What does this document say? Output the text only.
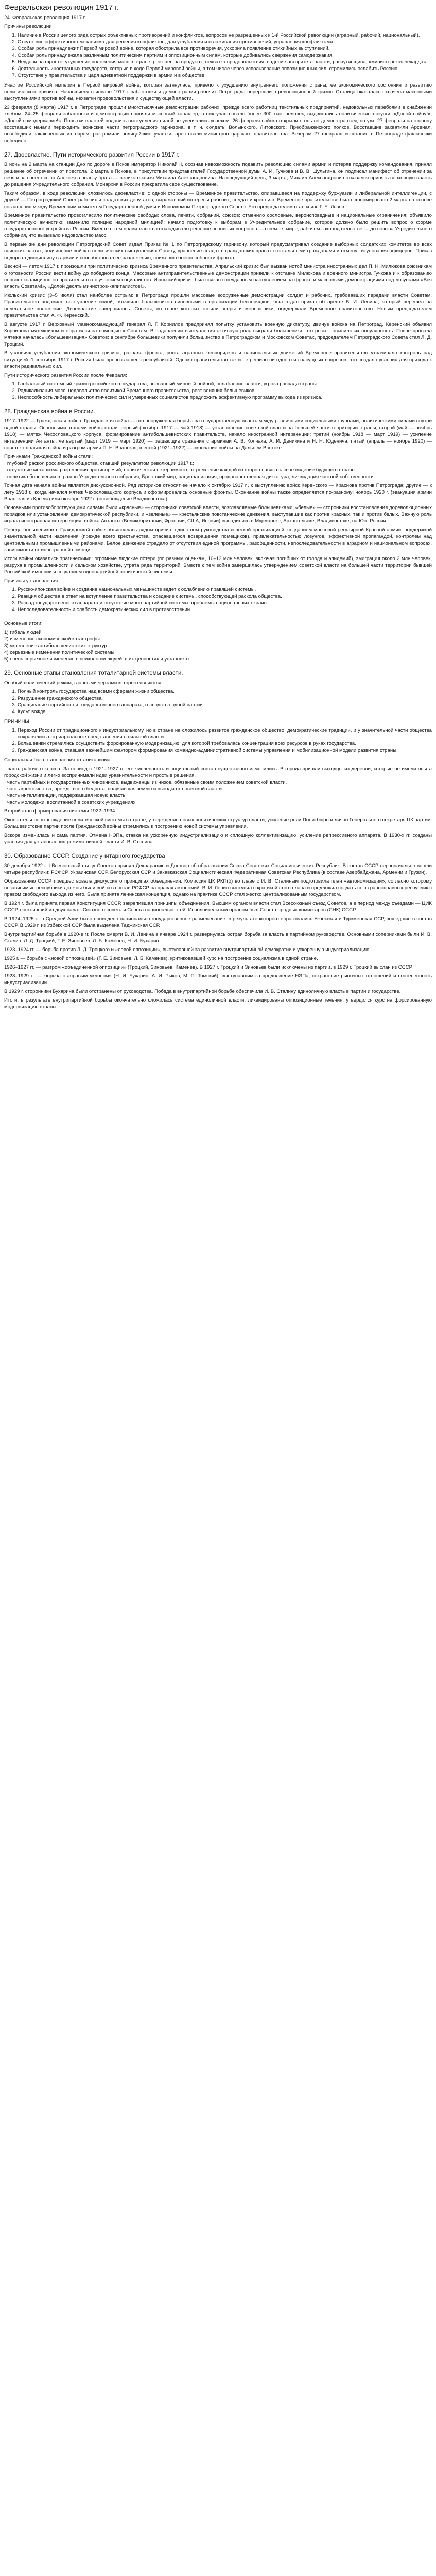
Февральская революция 1917 г.
24. Февральская революция 1917 г.
Причины революции
1. Наличие в России целого ряда острых объективных противоречий и конфликтов, вопросов не разрешенных к 1-й Российской революции (аграрный, рабочий, национальный).
2. Отсутствие эффективного механизма для решения конфликтов, для углубления и сглаживания противоречий, управления конфликтами.
3. Особая роль принадлежит Первой мировой войне, которая обострила все противоречия, ускорила появление стихийных выступлений.
4. Особая роль принадлежала различным политическим партиям и оппозиционным силам, которые добивались свержения самодержавия.
5. Неудачи на фронте, ухудшение положения масс в стране, рост цен на продукты, нехватка продовольствия, падение авторитета власти, распутинщина, «министерская чехарда».
6. Деятельность иностранных государств, которые в ходе Первой мировой войны, в том числе через использование оппозиционных сил, стремились ослабить Россию.
7. Отсутствие у правительства и царя адекватной поддержки в армии и в обществе.

Участие Российской империи в Первой мировой войне, которая затянулась, привело к ухудшению внутреннего положения страны, ее экономического состояния и развитию политического кризиса. Начавшиеся в январе 1917 г. забастовки и демонстрации рабочих Петрограда переросли в революционный кризис. Столица оказалась охвачена массовыми выступлениями против войны, нехватки продовольствия и существующей власти.

23 февраля (8 марта) 1917 г. в Петрограде прошли многотысячные демонстрации рабочих, прежде всего работниц текстильных предприятий, недовольных перебоями в снабжении хлебом. 24–25 февраля забастовки и демонстрации приняли массовый характер, в них участвовало более 300 тыс. человек, выдвигались политические лозунги: «Долой войну!», «Долой самодержавие!». Попытки властей подавить выступления силой не увенчались успехом: 26 февраля войска открыли огонь по демонстрантам, но уже 27 февраля на сторону восставших начали переходить воинские части петроградского гарнизона, в т. ч. солдаты Волынского, Литовского, Преображенского полков. Восставшие захватили Арсенал, освободили заключенных из тюрем, разгромили полицейские участки, арестовали министров царского правительства. Вечером 27 февраля восстание в Петрограде фактически победило.

27. Двоевластие. Пути исторического развития России в 1917 г.

В ночь на 2 марта на станции Дно по дороге в Псков император Николай II, осознав невозможность подавить революцию силами армии и потеряв поддержку командования, принял решение об отречении от престола. 2 марта в Пскове, в присутствии представителей Государственной думы А. И. Гучкова и В. В. Шульгина, он подписал манифест об отречении за себя и за своего сына Алексея в пользу брата — великого князя Михаила Александровича. На следующий день, 3 марта, Михаил Александрович отказался принять верховную власть до решения Учредительного собрания. Монархия в России прекратила свое существование.

Таким образом, в ходе революции сложилось двоевластие: с одной стороны — Временное правительство, опиравшееся на поддержку буржуазии и либеральной интеллигенции, с другой — Петроградский Совет рабочих и солдатских депутатов, выражавший интересы рабочих, солдат и крестьян. Временное правительство было сформировано 2 марта на основе соглашения между Временным комитетом Государственной думы и Исполкомом Петроградского Совета. Его председателем стал князь Г. Е. Львов.

Временное правительство провозгласило политические свободы: слова, печати, собраний, союзов; отменило сословные, вероисповедные и национальные ограничения; объявило политическую амнистию; заменило полицию народной милицией; начало подготовку к выборам в Учредительное собрание, которое должно было решить вопрос о форме государственного устройства России. Вместе с тем правительство откладывало решение основных вопросов — о земле, мире, рабочем законодательстве — до созыва Учредительного собрания, что вызывало недовольство масс.

В первые же дни революции Петроградский Совет издал Приказ № 1 по Петроградскому гарнизону, который предусматривал создание выборных солдатских комитетов во всех воинских частях, подчинение войск в политических выступлениях Совету, уравнение солдат в гражданских правах с остальными гражданами и отмену титулования офицеров. Приказ подорвал дисциплину в армии и способствовал ее разложению, снижению боеспособности фронта.

Весной — летом 1917 г. произошли три политических кризиса Временного правительства. Апрельский кризис был вызван нотой министра иностранных дел П. Н. Милюкова союзникам о готовности России вести войну до победного конца. Массовые антиправительственные демонстрации привели к отставке Милюкова и военного министра Гучкова и к образованию первого коалиционного правительства с участием социалистов. Июньский кризис был связан с неудачным наступлением на фронте и массовыми демонстрациями под лозунгами «Вся власть Советам!», «Долой десять министров-капиталистов!».

Июльский кризис (3–5 июля) стал наиболее острым: в Петрограде прошли массовые вооруженные демонстрации солдат и рабочих, требовавших передачи власти Советам. Правительство подавило выступление силой, объявило большевиков виновными в организации беспорядков, был отдан приказ об аресте В. И. Ленина, который перешел на нелегальное положение. Двоевластие завершилось: Советы, во главе которых стояли эсеры и меньшевики, поддержали Временное правительство. Новым председателем правительства стал А. Ф. Керенский.

В августе 1917 г. Верховный главнокомандующий генерал Л. Г. Корнилов предпринял попытку установить военную диктатуру, двинув войска на Петроград. Керенский объявил Корнилова мятежником и обратился за помощью к Советам. В подавлении выступления активную роль сыграли большевики, что резко повысило их популярность. После провала мятежа началась «большевизация» Советов: в сентябре большевики получили большинство в Петроградском и Московском Советах, председателем Петроградского Совета стал Л. Д. Троцкий.

В условиях углубления экономического кризиса, развала фронта, роста аграрных беспорядков и национальных движений Временное правительство утрачивало контроль над ситуацией. 1 сентября 1917 г. Россия была провозглашена республикой. Однако правительство так и не решило ни одного из насущных вопросов, что создало условия для прихода к власти радикальных сил.

Пути исторического развития России после Февраля:

1. Глобальный системный кризис российского государства, вызванный мировой войной, ослабление власти, угроза распада страны.
2. Радикализация масс, недовольство политикой Временного правительства, рост влияния большевиков.
3. Неспособность либеральных политических сил и умеренных социалистов предложить эффективную программу выхода из кризиса.
28. Гражданская война в России.

1917–1922 — Гражданская война. Гражданская война — это вооруженная борьба за государственную власть между различными социальными группами, политическими силами внутри одной страны. Основными этапами войны стали: первый (октябрь 1917 — май 1918) — установление советской власти на большей части территории страны; второй (май — ноябрь 1918) — мятеж Чехословацкого корпуса, формирование антибольшевистских правительств, начало иностранной интервенции; третий (ноябрь 1918 — март 1919) — усиление интервенции Антанты; четвертый (март 1919 — март 1920) — решающие сражения с армиями А. В. Колчака, А. И. Деникина и Н. Н. Юденича; пятый (апрель — ноябрь 1920) — советско-польская война и разгром армии П. Н. Врангеля; шестой (1921–1922) — окончание войны на Дальнем Востоке.

Причинами Гражданской войны стали:

· глубокий раскол российского общества, ставший результатом революции 1917 г.;

· отсутствие механизма разрешения противоречий, политическая нетерпимость, стремление каждой из сторон навязать свое видение будущего страны;

· политика большевиков: разгон Учредительного собрания, Брестский мир, национализация, продовольственная диктатура, ликвидация частной собственности.

Точная дата начала войны является дискуссионной. Ряд историков относят ее начало к октябрю 1917 г., к выступлению войск Керенского — Краснова против Петрограда; другие — к лету 1918 г., когда начался мятеж Чехословацкого корпуса и сформировались основные фронты. Окончание войны также определяется по-разному: ноябрь 1920 г. (эвакуация армии Врангеля из Крыма) или октябрь 1922 г. (освобождение Владивостока).

Основными противоборствующими силами были «красные» — сторонники советской власти, возглавляемые большевиками, «белые» — сторонники восстановления дореволюционных порядков или установления демократической республики, и «зеленые» — крестьянские повстанческие движения, выступавшие как против красных, так и против белых. Важную роль играла иностранная интервенция: войска Антанты (Великобритании, Франции, США, Японии) высадились в Мурманске, Архангельске, Владивостоке, на Юге России.

Победа большевиков в Гражданской войне объяснялась рядом причин: единством руководства и четкой организацией, созданием массовой регулярной Красной армии, поддержкой значительной части населения (прежде всего крестьянства, опасавшегося возвращения помещиков), привлекательностью лозунгов, эффективной пропагандой, контролем над центральными промышленными районами. Белое движение страдало от отсутствия единой программы, разобщенности, непоследовательности в аграрном и национальном вопросах, зависимости от иностранной помощи.

Итоги войны оказались трагическими: огромные людские потери (по разным оценкам, 10–13 млн человек, включая погибших от голода и эпидемий), эмиграция около 2 млн человек, разруха в промышленности и сельском хозяйстве, утрата ряда территорий. Вместе с тем война завершилась утверждением советской власти на большей части территории бывшей Российской империи и созданием однопартийной политической системы.

Причины установления
1. Русско-японская войне и создание национальных меньшинств ведет к ослаблению правящей системы.
2. Реакция общества в ответ на вступление правительства и создание системы, способствующей раскола общества.
3. Распад государственного аппарата и отсутствие многопартийной системы, проблемы национальных окраин.
4. Непоследовательность и слабость демократических сил в противостоянии.
Основные итоги:

1) гибель людей

2) изменение экономической катастрофы

3) укрепление антибольшевистских структур

4) серьезные изменения политической системы

5) очень серьезное изменение в психологии людей, в их ценностях и установках

29. Основные этапы становления тоталитарной системы власти.

Особый политический режим, главными чертами которого являются:

1. Полный контроль государства над всеми сферами жизни общества.
2. Разрушение гражданского общества.
3. Сращивание партийного и государственного аппарата, господство одной партии.
4. Культ вождя.
ПРИЧИНЫ
1. Переход России от традиционного к индустриальному, но в стране не сложилось развитое гражданское общество, демократические традиции, и у значительной части общества сохранялись патриархальные представления о сильной власти.
2. Большевики стремились осуществить форсированную модернизацию, для которой требовалась концентрация всех ресурсов в руках государства.
3. Гражданская война, ставшая важнейшим фактором формирования командно-административной системы управления и мобилизационной модели развития страны.

Социальная база становления тоталитаризма:

· часть рабочего класса. За период с 1921–1927 гг. его численность и социальный состав существенно изменились. В города пришли выходцы из деревни, которые не имели опыта городской жизни и легко воспринимали идеи уравнительности и простые решения.

· часть партийных и государственных чиновников, выдвиженцы из низов, обязанные своим положением советской власти.

· часть крестьянства, прежде всего беднота, получившая землю и выгоды от советской власти.

· часть интеллигенции, поддержавшая новую власть.

· часть молодежи, воспитанной в советских учреждениях.

Второй этап формирования системы 1922–1934

Окончательное утверждение политической системы в стране, утверждение новых политических структур власти, усиление роли Политбюро и лично Генерального секретаря ЦК партии. Большевистские партии после Гражданской войны стремились к построению новой системы управления.

Вскоре изменилась и сама партия. Отмена НЭПа, ставка на ускоренную индустриализацию и сплошную коллективизацию, усиление репрессивного аппарата. В 1930-х гг. созданы условия для установления режима личной власти И. В. Сталина.

30. Образование СССР. Создание унитарного государства

30 декабря 1922 г. I Всесоюзный съезд Советов принял Декларацию и Договор об образовании Союза Советских Социалистических Республик. В состав СССР первоначально вошли четыре республики: РСФСР, Украинская ССР, Белорусская ССР и Закавказская Социалистическая Федеративная Советская Республика (в составе Азербайджана, Армении и Грузии).

Образованию СССР предшествовала дискуссия о принципах объединения. Комиссия ЦК РКП(б) во главе с И. В. Сталиным подготовила план «автономизации», согласно которому независимые республики должны были войти в состав РСФСР на правах автономий. В. И. Ленин выступил с критикой этого плана и предложил создать союз равноправных республик с правом свободного выхода из него. Была принята ленинская концепция, однако на практике СССР стал жестко централизованным государством.

В 1924 г. была принята первая Конституция СССР, закрепившая принципы объединения. Высшим органом власти стал Всесоюзный съезд Советов, а в период между съездами — ЦИК СССР, состоявший из двух палат: Союзного совета и Совета национальностей. Исполнительным органом был Совет народных комиссаров (СНК) СССР.

В 1924–1925 гг. в Средней Азии было проведено национально-государственное размежевание, в результате которого образовались Узбекская и Туркменская ССР, вошедшие в состав СССР. В 1929 г. из Узбекской ССР была выделена Таджикская ССР.

Внутрипартийная борьба в 1920-е гг. После смерти В. И. Ленина в январе 1924 г. развернулась острая борьба за власть в партийном руководстве. Основными соперниками были И. В. Сталин, Л. Д. Троцкий, Г. Е. Зиновьев, Л. Б. Каменев, Н. И. Бухарин.

1923–1924 гг. — борьба против Л. Д. Троцкого и «левой оппозиции», выступавшей за развитие внутрипартийной демократии и ускоренную индустриализацию.

1925 г. — борьба с «новой оппозицией» (Г. Е. Зиновьев, Л. Б. Каменев), критиковавшей курс на построение социализма в одной стране.

1926–1927 гг. — разгром «объединенной оппозиции» (Троцкий, Зиновьев, Каменев). В 1927 г. Троцкий и Зиновьев были исключены из партии, в 1929 г. Троцкий выслан из СССР.

1928–1929 гг. — борьба с «правым уклоном» (Н. И. Бухарин, А. И. Рыков, М. П. Томский), выступавшим за продолжение НЭПа, сохранение рыночных отношений и постепенность индустриализации.

В 1929 г. сторонники Бухарина были отстранены от руководства. Победа в внутрипартийной борьбе обеспечила И. В. Сталину единоличную власть в партии и государстве.

Итоги: в результате внутрипартийной борьбы окончательно сложилась система единоличной власти, ликвидированы оппозиционные течения, утвердился курс на форсированную модернизацию страны.
